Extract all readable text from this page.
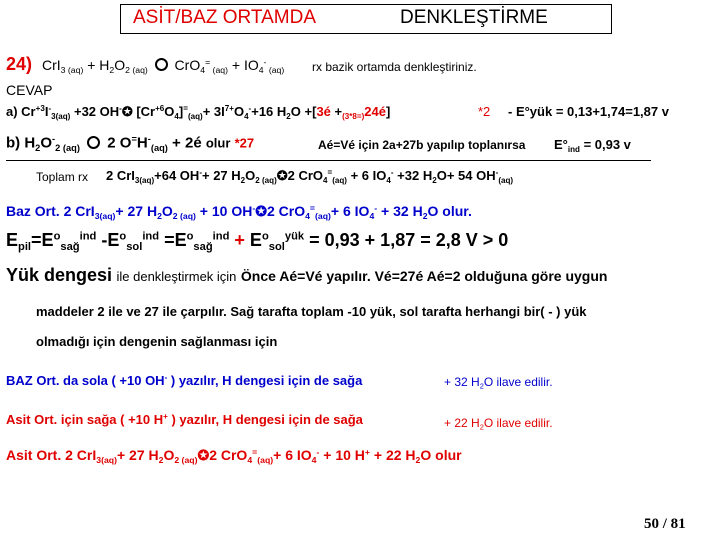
ASİT/BAZ ORTAMDA	DENKLEŞTİRME
24) $CrI_{3 (aq)} + H_2O_{2 (aq)}$  CrO$_4$= $_{(aq)} + IO_4^-$ $_{(aq)}$ rx bazik ortamda denkleştiriniz.
CEVAP
a) $Cr^{+3}I^-_{3(aq)} +32$ OH-✪ $[Cr^{+6}O_4]^=_{(aq)}+ 3I^{7+}O_4^-+16$ $H_2O$ +[3é $+_{(3*8=)}24é$]	*2 - E°yük = 0,13+1,74=1,87 v
b) $H_2O^-_{2 (aq)}$  2 $O^=H^-_{(aq)}$ + 2é olur *27	Aé=Vé için 2a+27b yapılıp toplanırsa $E^\circ_{ind} = 0,93$ v
Toplam rx 2 CrI$_{3(aq)}$+64 OH-+ 27 $H_2O_{2 (aq)}✪2$ CrO$_4$=$_{(aq)}$ + 6 $IO_4^- +32$ $H_2O+ 54$ $OH^-_{(aq)}$
Baz Ort. 2 CrI$_{3(aq)}$+ 27 $H_2O_{2 (aq)} + 10$ OH-✪2 CrO$_4$=$_{(aq)}$+ 6 $IO_4^- + 32$ $H_2O$ olur.
$E_{pil}=E^o_{sağ}^{ind}$ $-E^o_{sol}^{ind} =E^o_{sağ}^{ind} + E^o_{sol}^{yük} = 0,93 + 1,87 = 2,8$ V > 0
Yük dengesi ile denkleştirmek için Önce Aé=Vé yapılır. Vé=27é Aé=2 olduğuna göre uygun
maddeler 2 ile ve 27 ile çarpılır. Sağ tarafta toplam -10 yük, sol tarafta herhangi bir( - ) yük
olmadığı için dengenin sağlanması için
BAZ Ort. da sola ( +10 OH- ) yazılır, H dengesi için de sağa	+ 32 $H_2O$ ilave edilir.
Asit Ort. için sağa ( +10 H+ ) yazılır, H dengesi için de sağa	+ 22 $H_2O$ ilave edilir.
Asit Ort. 2 CrI$_{3(aq)}$+ 27 $H_2O_{2 (aq)}✪2$ CrO$_4$=$_{(aq)}$+ 6 $IO_4^- + 10$ H+ + 22 $H_2O$ olur
50 / 81
